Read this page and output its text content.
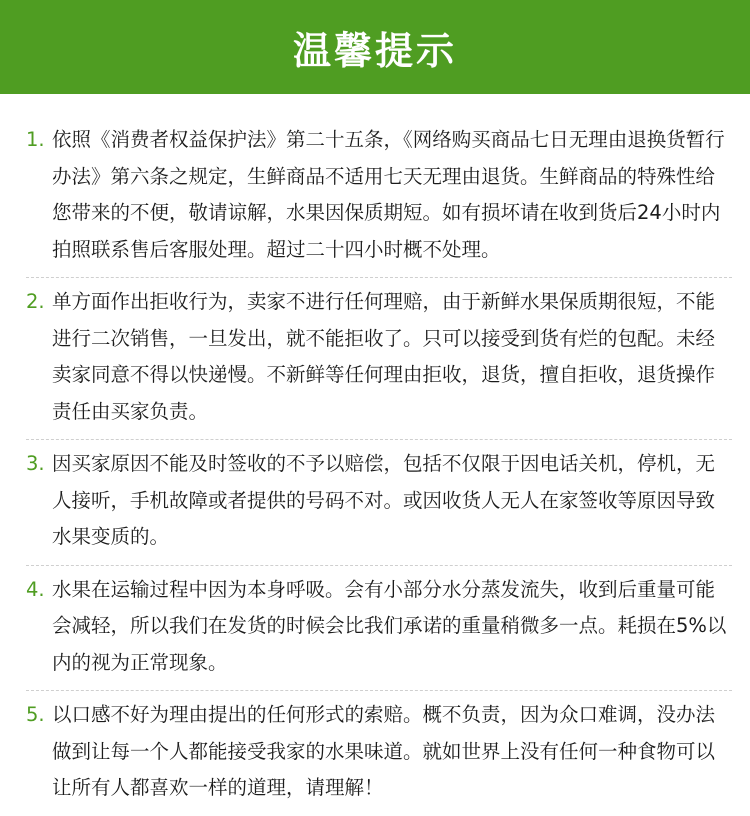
温馨提示
1. 依照《消费者权益保护法》第二十五条，《网络购买商品七日无理由退换货暂行办法》第六条之规定，生鲜商品不适用七天无理由退货。生鲜商品的特殊性给您带来的不便，敬请谅解，水果因保质期短。如有损坏请在收到货后24小时内拍照联系售后客服处理。超过二十四小时概不处理。
2. 单方面作出拒收行为，卖家不进行任何理赔，由于新鲜水果保质期很短，不能进行二次销售，一旦发出，就不能拒收了。只可以接受到货有烂的包配。未经卖家同意不得以快递慢。不新鲜等任何理由拒收，退货，擅自拒收，退货操作责任由买家负责。
3. 因买家原因不能及时签收的不予以赔偿，包括不仅限于因电话关机，停机，无人接听，手机故障或者提供的号码不对。或因收货人无人在家签收等原因导致水果变质的。
4. 水果在运输过程中因为本身呼吸。会有小部分水分蒸发流失，收到后重量可能会减轻，所以我们在发货的时候会比我们承诺的重量稍微多一点。耗损在5%以内的视为正常现象。
5. 以口感不好为理由提出的任何形式的索赔。概不负责，因为众口难调，没办法做到让每一个人都能接受我家的水果味道。就如世界上没有任何一种食物可以让所有人都喜欢一样的道理，请理解！
